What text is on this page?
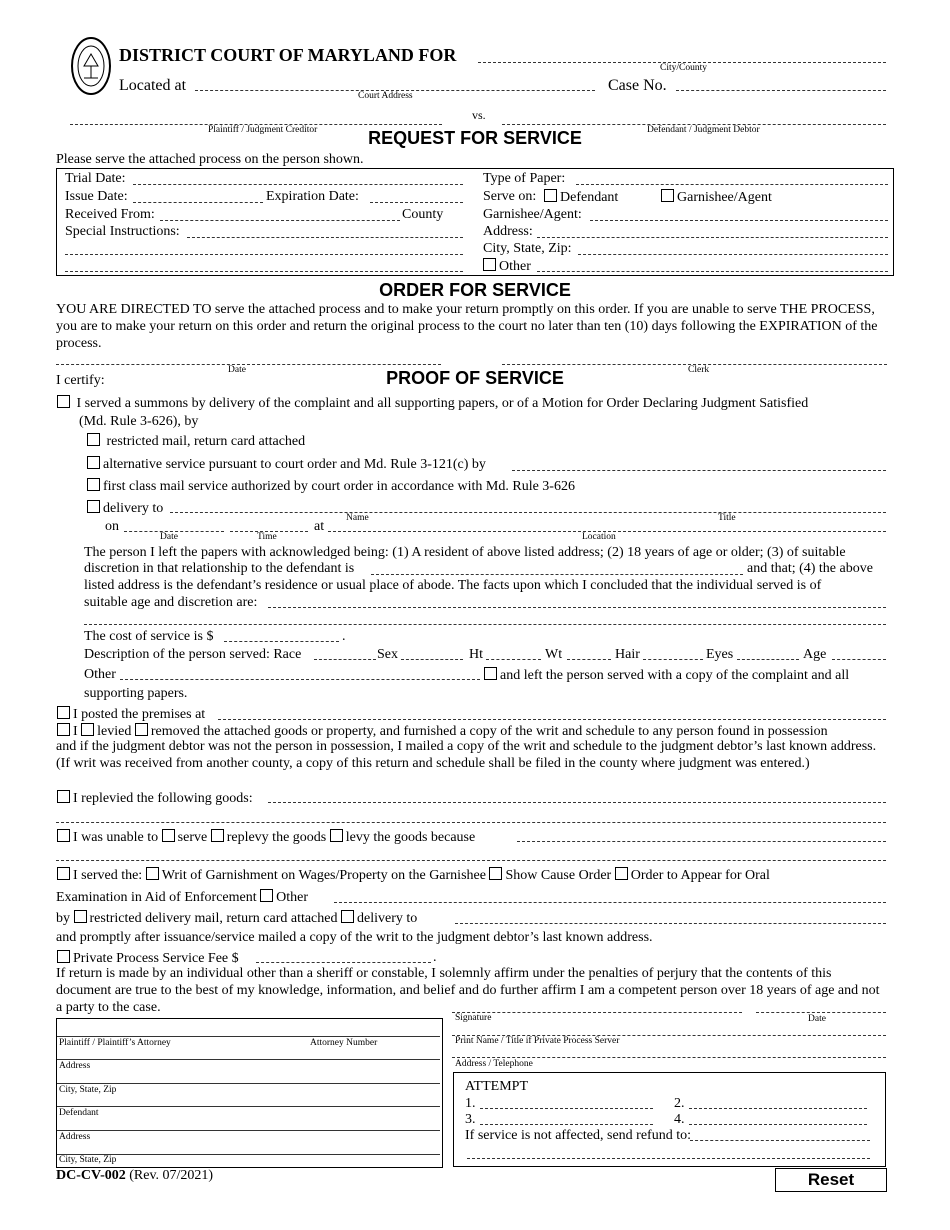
DISTRICT COURT OF MARYLAND FOR
City/County
Located at
Court Address
Case No.
vs.
Plaintiff / Judgment Creditor	Defendant / Judgment Debtor
REQUEST FOR SERVICE
Please serve the attached process on the person shown.
Trial Date:
Issue Date:	Expiration Date:
Received From:	County
Special Instructions:
Type of Paper:
Serve on:	Defendant	Garnishee/Agent
Garnishee/Agent:
Address:
City, State, Zip:
Other
ORDER FOR SERVICE
YOU ARE DIRECTED TO serve the attached process and to make your return promptly on this order. If you are unable to serve THE PROCESS, you are to make your return on this order and return the original process to the court no later than ten (10) days following the EXPIRATION of the process.
Date	Clerk
I certify:	PROOF OF SERVICE
I served a summons by delivery of the complaint and all supporting papers, or of a Motion for Order Declaring Judgment Satisfied
(Md. Rule 3-626), by
restricted mail, return card attached
alternative service pursuant to court order and Md. Rule 3-121(c) by
first class mail service authorized by court order in accordance with Md. Rule 3-626
delivery to
Name	Title
on	at
Date	Time	Location
The person I left the papers with acknowledged being: (1) A resident of above listed address; (2) 18 years of age or older; (3) of suitable
discretion in that relationship to the defendant is	and that; (4) the above
listed address is the defendant’s residence or usual place of abode. The facts upon which I concluded that the individual served is of
suitable age and discretion are:
The cost of service is $	.
Description of the person served: Race	Sex	Ht	Wt	Hair	Eyes	Age
Other	and left the person served with a copy of the complaint and all
supporting papers.
I posted the premises at
I levied removed the attached goods or property, and furnished a copy of the writ and schedule to any person found in possession
and if the judgment debtor was not the person in possession, I mailed a copy of the writ and schedule to the judgment debtor’s last known address. (If writ was received from another county, a copy of this return and schedule shall be filed in the county where judgment was entered.)
I replevied the following goods:
I was unable to serve replevy the goods levy the goods because
I served the: Writ of Garnishment on Wages/Property on the Garnishee Show Cause Order Order to Appear for Oral
Examination in Aid of Enforcement Other
by restricted delivery mail, return card attached delivery to
and promptly after issuance/service mailed a copy of the writ to the judgment debtor’s last known address.
Private Process Service Fee $	.
If return is made by an individual other than a sheriff or constable, I solemnly affirm under the penalties of perjury that the contents of this document are true to the best of my knowledge, information, and belief and do further affirm I am a competent person over 18 years of age and not a party to the case.
Plaintiff / Plaintiff’s Attorney	Attorney Number
Address
City, State, Zip
Defendant
Address
City, State, Zip
Signature	Date
Print Name / Title if Private Process Server
Address / Telephone
ATTEMPT
1.	2.
3.	4.
If service is not affected, send refund to:
DC-CV-002 (Rev. 07/2021)	Reset
